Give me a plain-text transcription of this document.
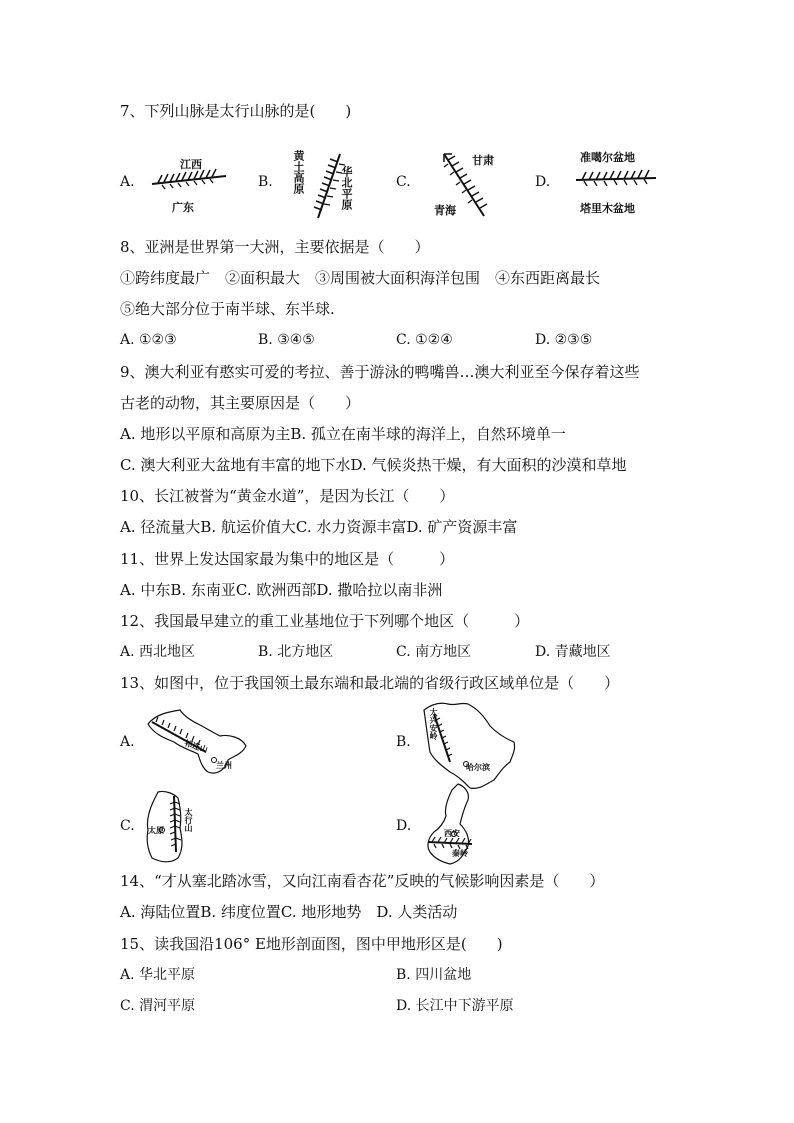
7、下列山脉是太行山脉的是(　　)
A.
江西
广东
B. 黄土高原	华北平原	C.
甘肃
青海
D.
准噶尔盆地
塔里木盆地
8、亚洲是世界第一大洲，主要依据是（　　）
①跨纬度最广　②面积最大　③周围被大面积海洋包围　④东西距离最长
⑤绝大部分位于南半球、东半球.
A. ①②③	B. ③④⑤	C. ①②④	D. ②③⑤
9、澳大利亚有憨实可爱的考拉、善于游泳的鸭嘴兽…澳大利亚至今保存着这些
古老的动物，其主要原因是（　　）
A. 地形以平原和高原为主B. 孤立在南半球的海洋上，自然环境单一
C. 澳大利亚大盆地有丰富的地下水D. 气候炎热干燥，有大面积的沙漠和草地
10、长江被誉为“黄金水道”，是因为长江（　　）
A. 径流量大B. 航运价值大C. 水力资源丰富D. 矿产资源丰富
11、世界上发达国家最为集中的地区是（　　　）
A. 中东B. 东南亚C. 欧洲西部D. 撒哈拉以南非洲
12、我国最早建立的重工业基地位于下列哪个地区（　　　）
A. 西北地区	B. 北方地区	C. 南方地区	D. 青藏地区
13、如图中，位于我国领土最东端和最北端的省级行政区域单位是（　　）
A.	祁连山
兰州
B.
大兴安岭
哈尔滨
C.	太行山
太原	D.	西安
秦岭
14、“才从塞北踏冰雪，又向江南看杏花”反映的气候影响因素是（　　）
A. 海陆位置B. 纬度位置C. 地形地势　D. 人类活动
15、读我国沿106° E地形剖面图，图中甲地形区是(　　)
A. 华北平原	B. 四川盆地
C. 渭河平原	D. 长江中下游平原
